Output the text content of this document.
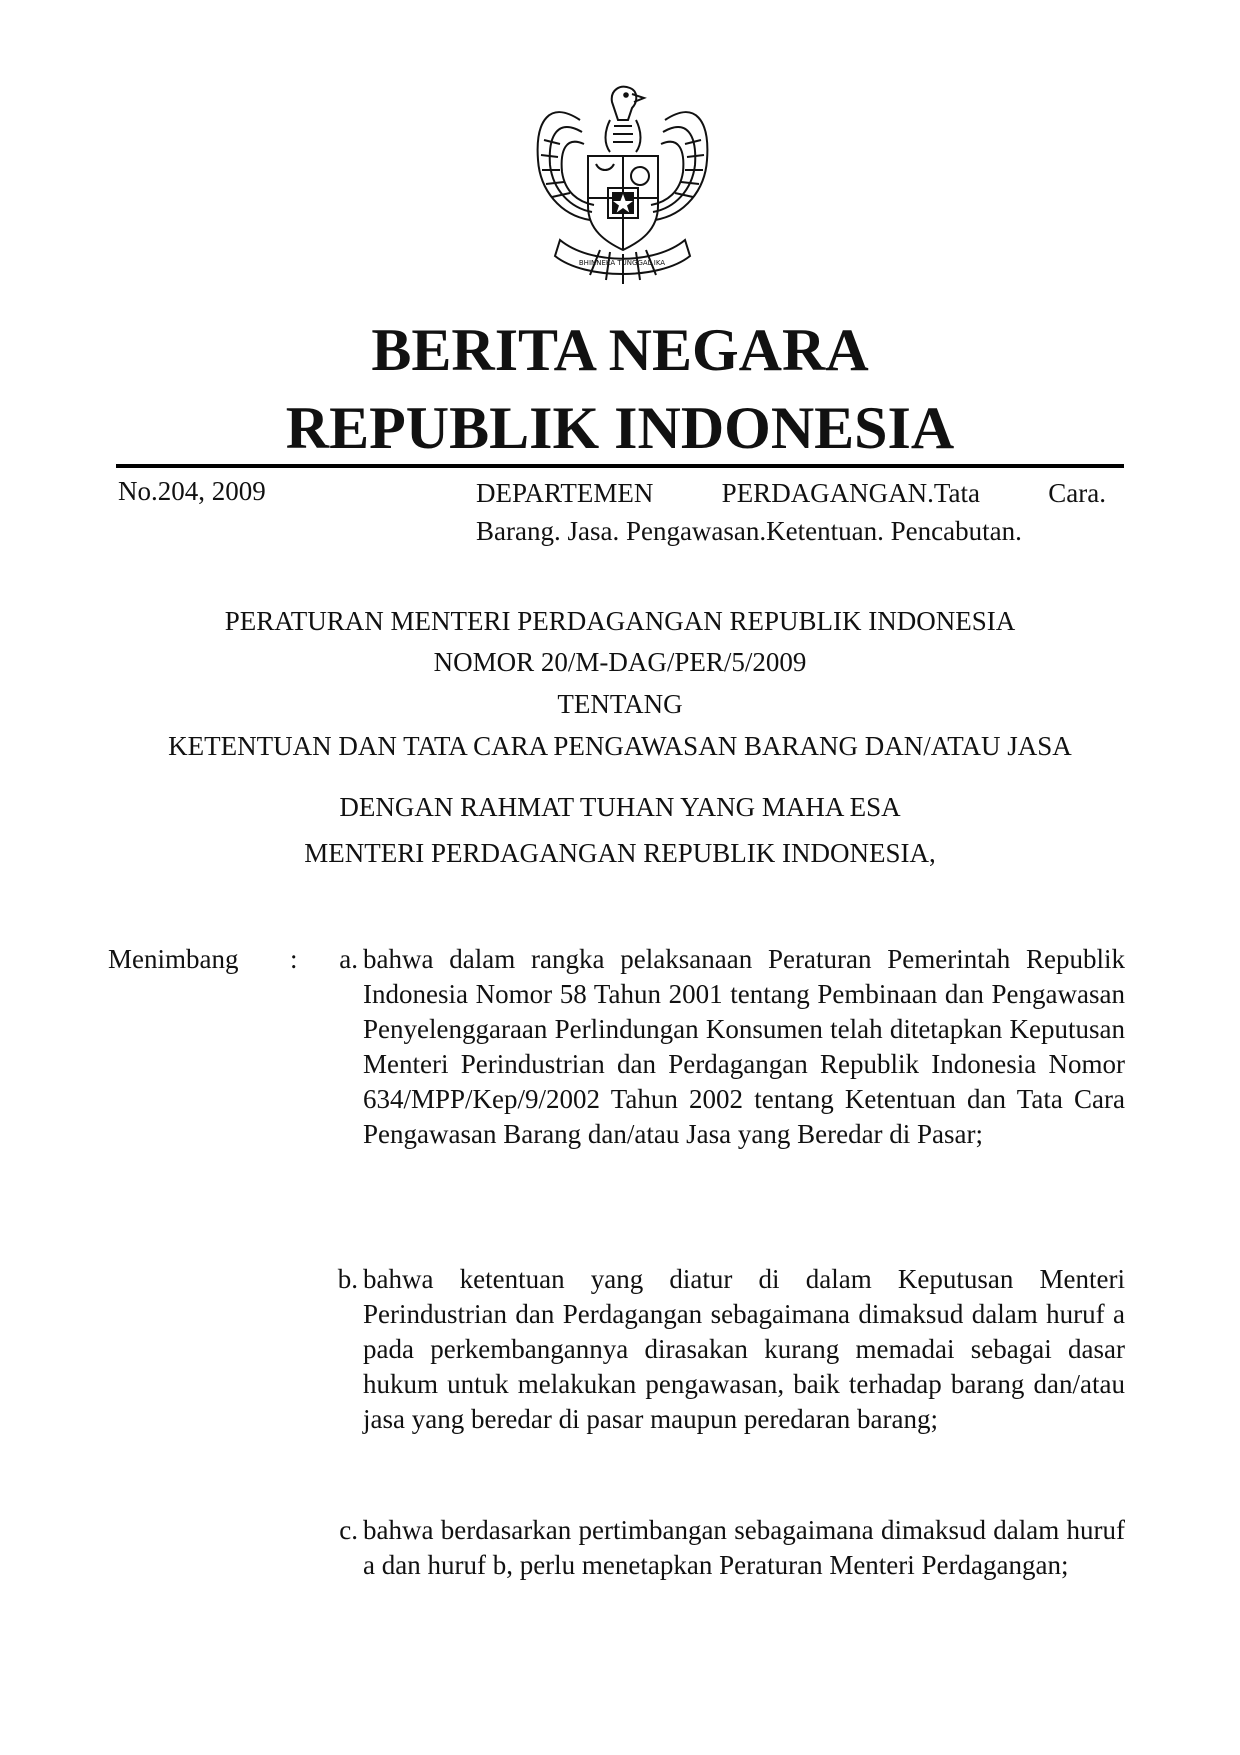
BHINNEKA TUNGGAL IKA
BERITA NEGARA
REPUBLIK INDONESIA
No.204, 2009	DEPARTEMEN	PERDAGANGAN.Tata	Cara.
Barang. Jasa. Pengawasan.Ketentuan. Pencabutan.
PERATURAN MENTERI PERDAGANGAN REPUBLIK INDONESIA
NOMOR 20/M-DAG/PER/5/2009
TENTANG
KETENTUAN DAN TATA CARA PENGAWASAN BARANG DAN/ATAU JASA
DENGAN RAHMAT TUHAN YANG MAHA ESA
MENTERI PERDAGANGAN REPUBLIK INDONESIA,
Menimbang :	a. bahwa dalam rangka pelaksanaan Peraturan Pemerintah Republik Indonesia Nomor 58 Tahun 2001 tentang Pembinaan dan Pengawasan Penyelenggaraan Perlindungan Konsumen telah ditetapkan Keputusan Menteri Perindustrian dan Perdagangan Republik Indonesia Nomor 634/MPP/Kep/9/2002 Tahun 2002 tentang Ketentuan dan Tata Cara Pengawasan Barang dan/atau Jasa yang Beredar di Pasar;
b. bahwa ketentuan yang diatur di dalam Keputusan Menteri Perindustrian dan Perdagangan sebagaimana dimaksud dalam huruf a pada perkembangannya dirasakan kurang memadai sebagai dasar hukum untuk melakukan pengawasan, baik terhadap barang dan/atau jasa yang beredar di pasar maupun peredaran barang;
c. bahwa berdasarkan pertimbangan sebagaimana dimaksud dalam huruf a dan huruf b, perlu menetapkan Peraturan Menteri Perdagangan;
